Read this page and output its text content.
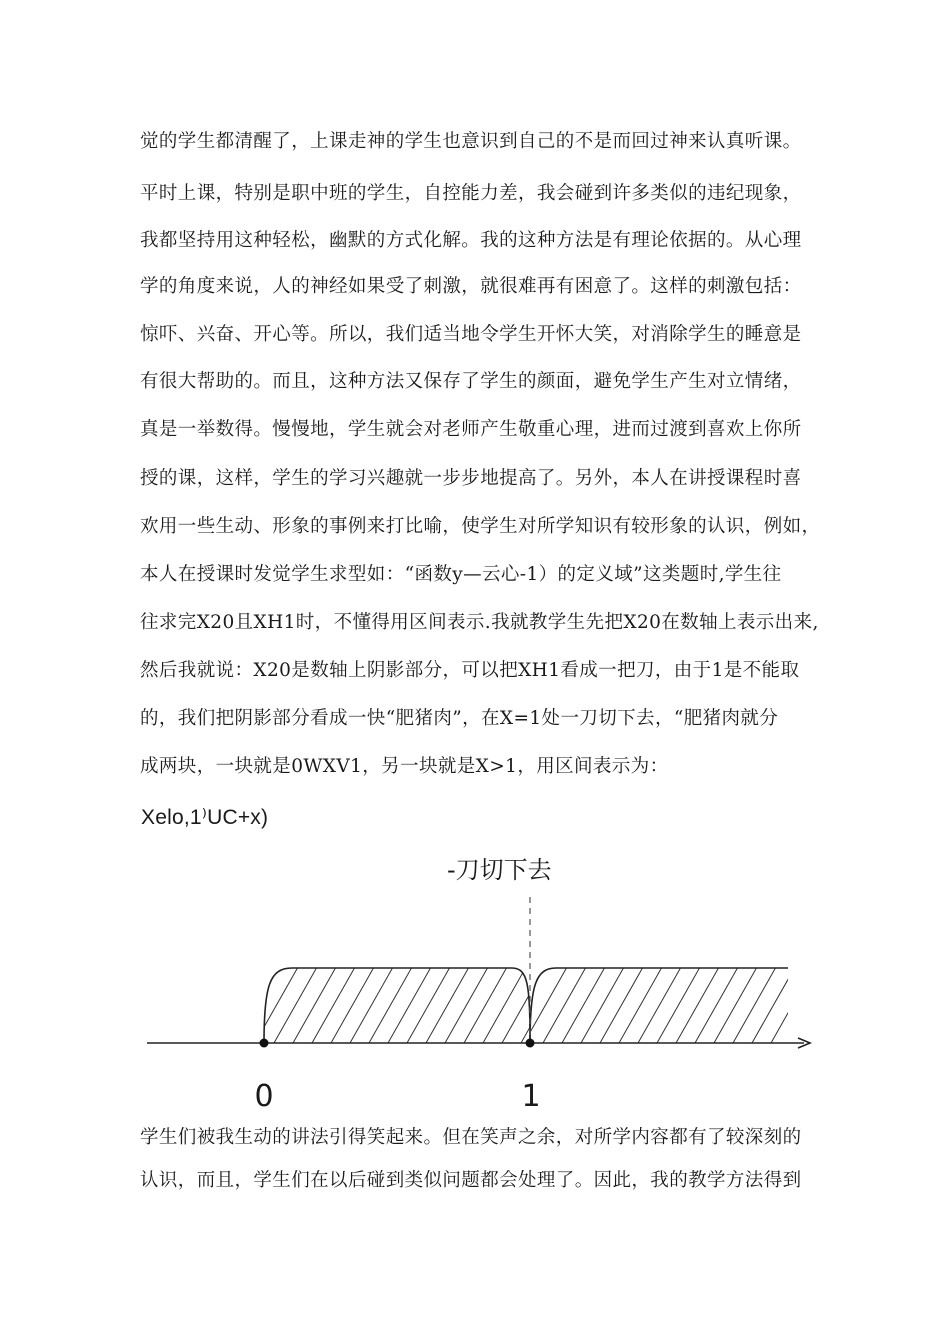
觉的学生都清醒了，上课走神的学生也意识到自己的不是而回过神来认真听课。
平时上课，特别是职中班的学生，自控能力差，我会碰到许多类似的违纪现象，
我都坚持用这种轻松，幽默的方式化解。我的这种方法是有理论依据的。从心理
学的角度来说，人的神经如果受了刺激，就很难再有困意了。这样的刺激包括：
惊吓、兴奋、开心等。所以，我们适当地令学生开怀大笑，对消除学生的睡意是
有很大帮助的。而且，这种方法又保存了学生的颜面，避免学生产生对立情绪，
真是一举数得。慢慢地，学生就会对老师产生敬重心理，进而过渡到喜欢上你所
授的课，这样，学生的学习兴趣就一步步地提高了。另外，本人在讲授课程时喜
欢用一些生动、形象的事例来打比喻，使学生对所学知识有较形象的认识，例如，
本人在授课时发觉学生求型如：“函数y—云心-1）的定义域”这类题时,学生往
往求完X20且XH1时，不懂得用区间表示.我就教学生先把X20在数轴上表示出来,
然后我就说：X20是数轴上阴影部分，可以把XH1看成一把刀，由于1是不能取
的，我们把阴影部分看成一快“肥猪肉”，在X=1处一刀切下去，“肥猪肉就分
成两块，一块就是0WXV1，另一块就是X>1，用区间表示为：
Xelo,1⁾UC+x)
-刀切下去
0	1
学生们被我生动的讲法引得笑起来。但在笑声之余，对所学内容都有了较深刻的
认识，而且，学生们在以后碰到类似问题都会处理了。因此，我的教学方法得到
